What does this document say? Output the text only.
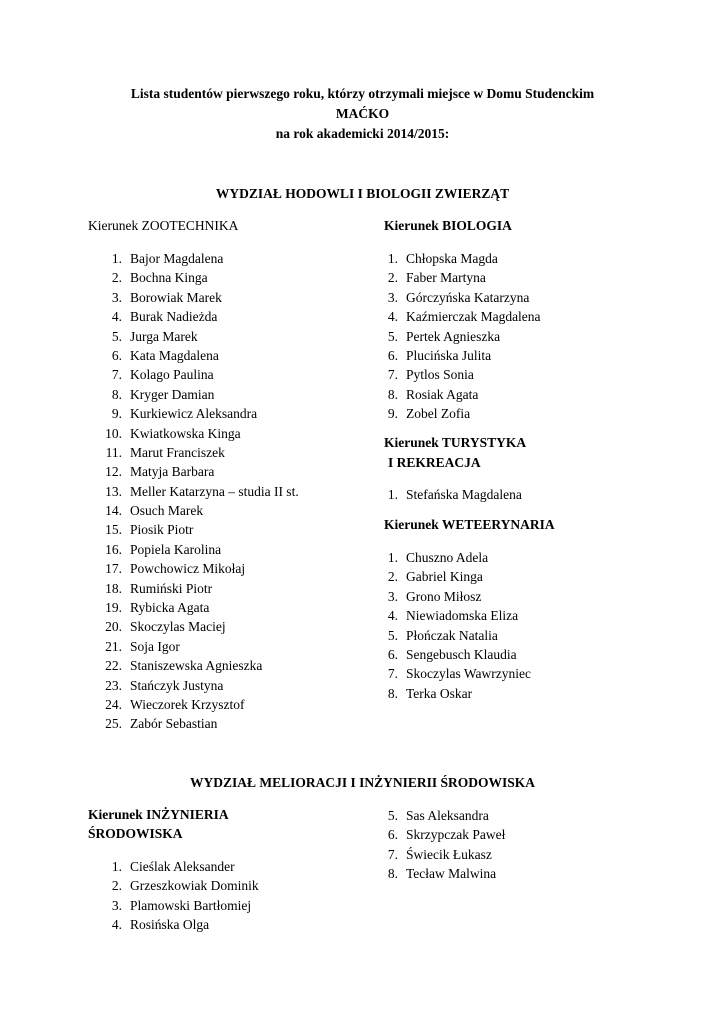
Lista studentów pierwszego roku, którzy otrzymali miejsce w Domu Studenckim
MAĆKO
na rok akademicki 2014/2015:
WYDZIAŁ HODOWLI I BIOLOGII ZWIERZĄT
Kierunek ZOOTECHNIKA
1. Bajor Magdalena
2. Bochna Kinga
3. Borowiak Marek
4. Burak Nadieżda
5. Jurga Marek
6. Kata Magdalena
7. Kolago Paulina
8. Kryger Damian
9. Kurkiewicz Aleksandra
10. Kwiatkowska Kinga
11. Marut Franciszek
12. Matyja Barbara
13. Meller Katarzyna – studia II st.
14. Osuch Marek
15. Piosik Piotr
16. Popiela Karolina
17. Powchowicz Mikołaj
18. Rumiński Piotr
19. Rybicka Agata
20. Skoczylas Maciej
21. Soja Igor
22. Staniszewska Agnieszka
23. Stańczyk Justyna
24. Wieczorek Krzysztof
25. Zabór Sebastian
Kierunek BIOLOGIA
1. Chłopska Magda
2. Faber Martyna
3. Górczyńska Katarzyna
4. Kaźmierczak Magdalena
5. Pertek Agnieszka
6. Plucińska Julita
7. Pytlos Sonia
8. Rosiak Agata
9. Zobel Zofia
Kierunek TURYSTYKA
I REKREACJA
1. Stefańska Magdalena
Kierunek WETEERYNARIA
1. Chuszno Adela
2. Gabriel Kinga
3. Grono Miłosz
4. Niewiadomska Eliza
5. Płończak Natalia
6. Sengebusch Klaudia
7. Skoczylas Wawrzyniec
8. Terka Oskar
WYDZIAŁ MELIORACJI I INŻYNIERII ŚRODOWISKA
Kierunek INŻYNIERIA
ŚRODOWISKA
1. Cieślak Aleksander
2. Grzeszkowiak Dominik
3. Plamowski Bartłomiej
4. Rosińska Olga
5. Sas Aleksandra
6. Skrzypczak Paweł
7. Świecik Łukasz
8. Tecław Malwina
